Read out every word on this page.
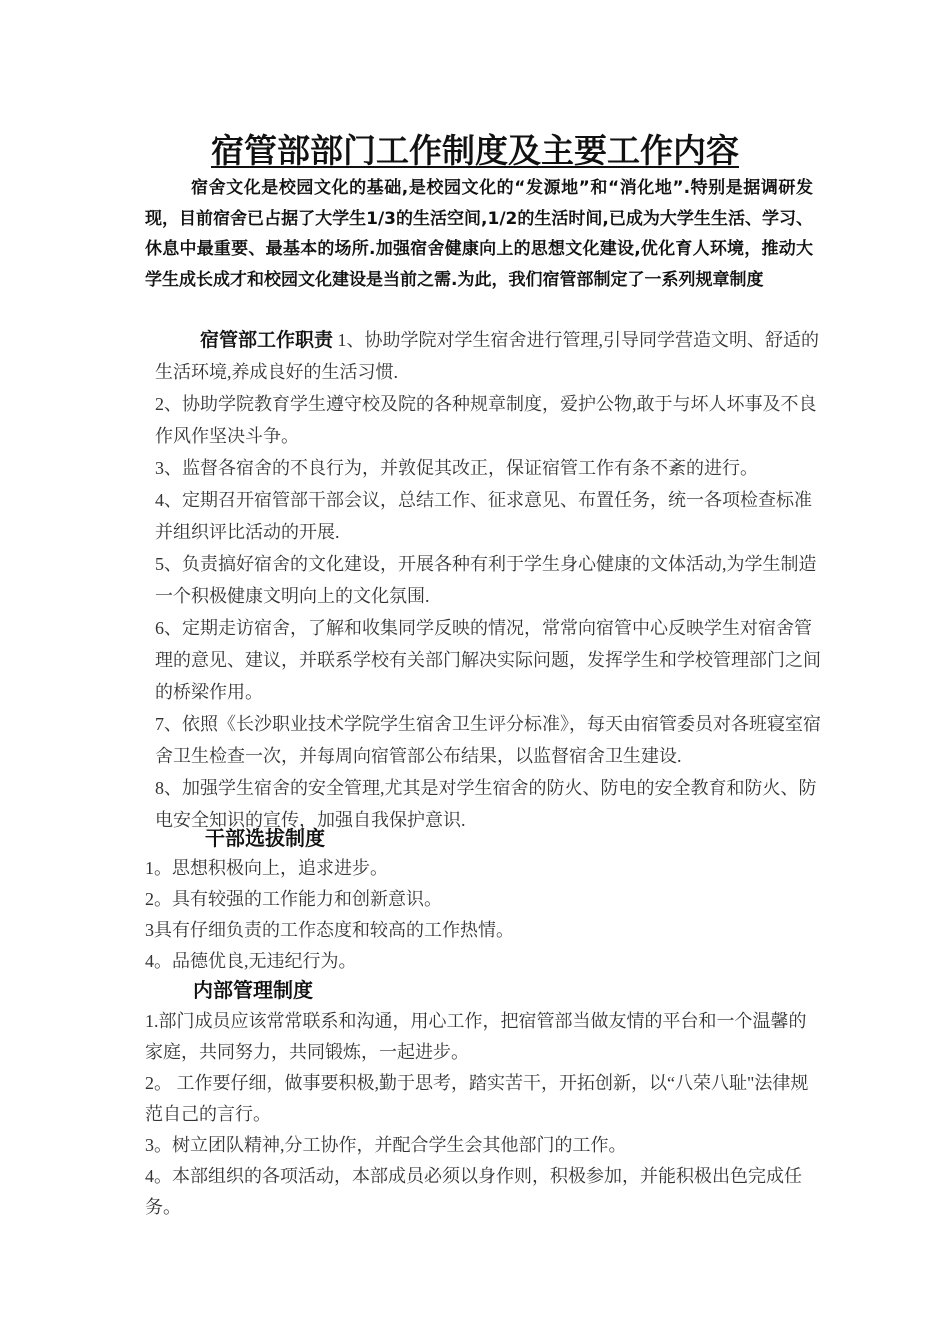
宿管部部门工作制度及主要工作内容

宿舍文化是校园文化的基础,是校园文化的“发源地”和“消化地”.特别是据调研发现，目前宿舍已占据了大学生1/3的生活空间,1/2的生活时间,已成为大学生生活、学习、休息中最重要、最基本的场所.加强宿舍健康向上的思想文化建设,优化育人环境，推动大学生成长成才和校园文化建设是当前之需.为此，我们宿管部制定了一系列规章制度

宿管部工作职责 1、协助学院对学生宿舍进行管理,引导同学营造文明、舒适的生活环境,养成良好的生活习惯.

2、协助学院教育学生遵守校及院的各种规章制度，爱护公物,敢于与坏人坏事及不良作风作坚决斗争。

3、监督各宿舍的不良行为，并敦促其改正，保证宿管工作有条不紊的进行。

4、定期召开宿管部干部会议，总结工作、征求意见、布置任务，统一各项检查标准并组织评比活动的开展.

5、负责搞好宿舍的文化建设，开展各种有利于学生身心健康的文体活动,为学生制造一个积极健康文明向上的文化氛围.

6、定期走访宿舍，了解和收集同学反映的情况，常常向宿管中心反映学生对宿舍管理的意见、建议，并联系学校有关部门解决实际问题，发挥学生和学校管理部门之间的桥梁作用。

7、依照《长沙职业技术学院学生宿舍卫生评分标准》，每天由宿管委员对各班寝室宿舍卫生检查一次，并每周向宿管部公布结果，以监督宿舍卫生建设.

8、加强学生宿舍的安全管理,尤其是对学生宿舍的防火、防电的安全教育和防火、防电安全知识的宣传，加强自我保护意识.

干部选拔制度

1。思想积极向上，追求进步。

2。具有较强的工作能力和创新意识。

3具有仔细负责的工作态度和较高的工作热情。

4。品德优良,无违纪行为。

内部管理制度

1.部门成员应该常常联系和沟通，用心工作，把宿管部当做友情的平台和一个温馨的家庭，共同努力，共同锻炼，一起进步。

2。 工作要仔细，做事要积极,勤于思考，踏实苦干，开拓创新，以“八荣八耻"法律规范自己的言行。

3。树立团队精神,分工协作，并配合学生会其他部门的工作。

4。本部组织的各项活动，本部成员必须以身作则，积极参加，并能积极出色完成任务。
